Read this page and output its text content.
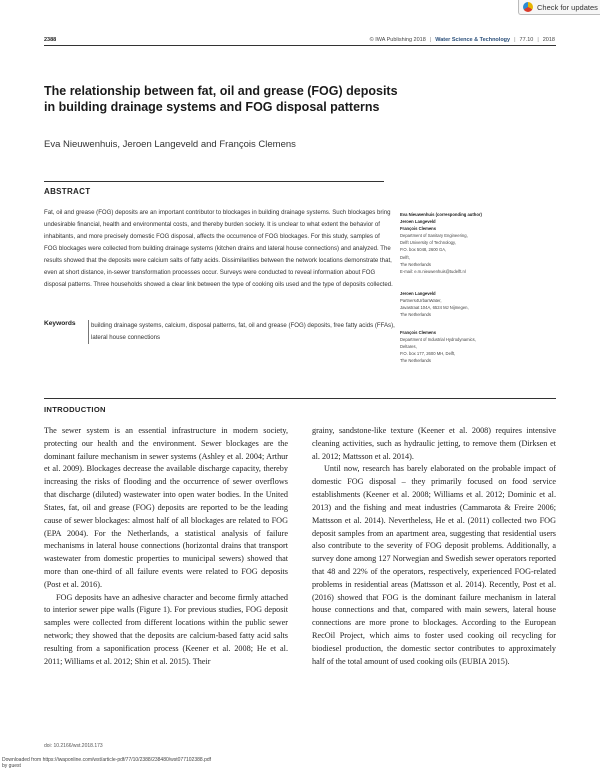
2388	© IWA Publishing 2018 | Water Science & Technology | 77.10 | 2018
Check for updates
The relationship between fat, oil and grease (FOG) deposits in building drainage systems and FOG disposal patterns
Eva Nieuwenhuis, Jeroen Langeveld and François Clemens
ABSTRACT
Fat, oil and grease (FOG) deposits are an important contributor to blockages in building drainage systems. Such blockages bring undesirable financial, health and environmental costs, and thereby burden society. It is unclear to what extent the behavior of inhabitants, and more precisely domestic FOG disposal, affects the occurrence of FOG blockages. For this study, samples of FOG blockages were collected from building drainage systems (kitchen drains and lateral house connections) and analyzed. The results showed that the deposits were calcium salts of fatty acids. Dissimilarities between the network locations demonstrate that, even at short distance, in-sewer transformation processes occur. Surveys were conducted to reveal information about FOG disposal patterns. Three households showed a clear link between the type of cooking oils used and the type of deposits collected.
Keywords	building drainage systems, calcium, disposal patterns, fat, oil and grease (FOG) deposits, free fatty acids (FFAs), lateral house connections
Eva Nieuwenhuis (corresponding author)
Jeroen Langeveld
François Clemens
Department of Sanitary Engineering,
Delft University of Technology,
P.O. box 5048, 2600 GA,
Delft,
The Netherlands
E-mail: e.m.nieuwenhuis@tudelft.nl
Jeroen Langeveld
Partners4UrbanWater,
Javastraat 104A, 6524 MJ Nijmegen,
The Netherlands
François Clemens
Department of Industrial Hydrodynamics,
Deltares,
P.O. box 177, 2600 MH, Delft,
The Netherlands
INTRODUCTION

The sewer system is an essential infrastructure in modern society, protecting our health and the environment. Sewer blockages are the dominant failure mechanism in sewer systems (Ashley et al. 2004; Arthur et al. 2009). Blockages decrease the available discharge capacity, thereby increasing the risks of flooding and the occurrence of sewer overflows that discharge (diluted) wastewater into open water bodies. In the United States, fat, oil and grease (FOG) deposits are reported to be the leading cause of sewer blockages: almost half of all blockages are related to FOG (EPA 2004). For the Netherlands, a statistical analysis of failure mechanisms in lateral house connections (horizontal drains that transport wastewater from domestic properties to municipal sewers) showed that more than one-third of all failure events were related to FOG deposits (Post et al. 2016).

FOG deposits have an adhesive character and become firmly attached to interior sewer pipe walls (Figure 1). For previous studies, FOG deposit samples were collected from different locations within the public sewer network; they showed that the deposits are calcium-based fatty acid salts resulting from a saponification process (Keener et al. 2008; He et al. 2011; Williams et al. 2012; Shin et al. 2015). Their

grainy, sandstone-like texture (Keener et al. 2008) requires intensive cleaning activities, such as hydraulic jetting, to remove them (Dirksen et al. 2012; Mattsson et al. 2014).

Until now, research has barely elaborated on the probable impact of domestic FOG disposal – they primarily focused on food service establishments (Keener et al. 2008; Williams et al. 2012; Dominic et al. 2013) and the fishing and meat industries (Cammarota & Freire 2006; Mattsson et al. 2014). Nevertheless, He et al. (2011) collected two FOG deposit samples from an apartment area, suggesting that residential users also contribute to the severity of FOG deposit problems. Additionally, a survey done among 127 Norwegian and Swedish sewer operators reported that 48 and 22% of the operators, respectively, experienced FOG-related problems in residential areas (Mattsson et al. 2014). Recently, Post et al. (2016) showed that FOG is the dominant failure mechanism in lateral house connections and that, compared with main sewers, lateral house connections are more prone to blockages. According to the European RecOil Project, which aims to foster used cooking oil recycling for biodiesel production, the domestic sector contributes to approximately half of the total amount of used cooking oils (EUBIA 2015).

doi: 10.2166/wst.2018.173
Downloaded from https://iwaponline.com/wst/article-pdf/77/10/2388/238480/wst077102388.pdf
by guest
